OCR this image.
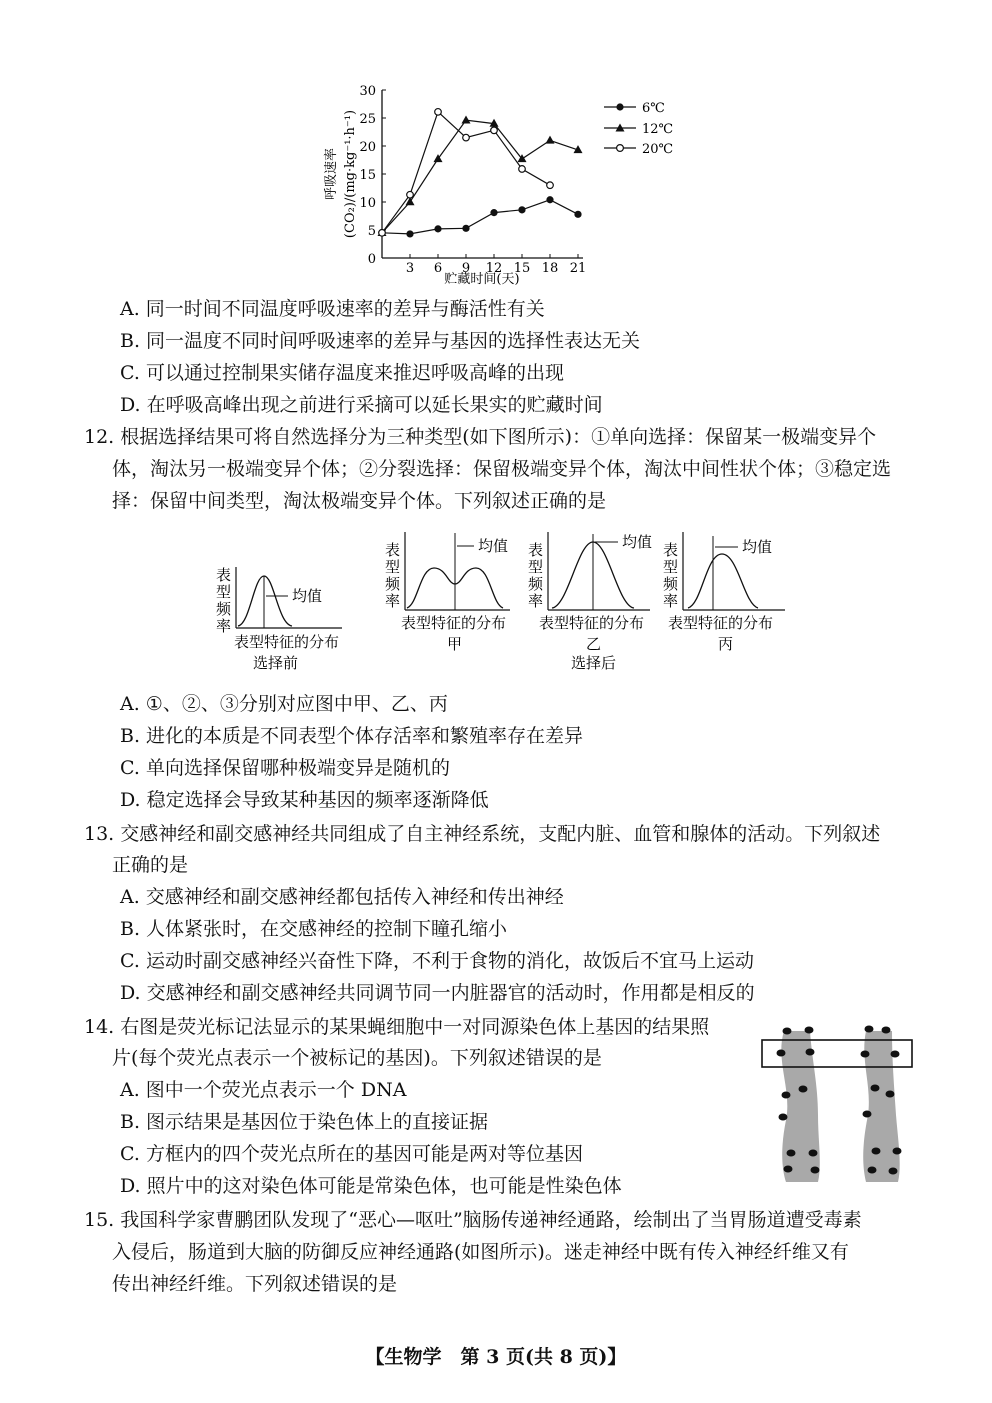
0
5
10
15
20
25
30
3 6 9 12 15 18 21
呼吸速率 (CO₂)/(mg·kg⁻¹·h⁻¹)
贮藏时间(天)
6℃
12℃
20℃
A. 同一时间不同温度呼吸速率的差异与酶活性有关
B. 同一温度不同时间呼吸速率的差异与基因的选择性表达无关
C. 可以通过控制果实储存温度来推迟呼吸高峰的出现
D. 在呼吸高峰出现之前进行采摘可以延长果实的贮藏时间
12. 根据选择结果可将自然选择分为三种类型(如下图所示)：①单向选择：保留某一极端变异个
体，淘汰另一极端变异个体；②分裂选择：保留极端变异个体，淘汰中间性状个体；③稳定选
择：保留中间类型，淘汰极端变异个体。下列叙述正确的是
均值
表
型
频
率
表型特征的分布
选择前
均值
表
型
频
率
表型特征的分布
甲
均值
表
型
频
率
表型特征的分布
乙
选择后
均值
表
型
频
率
表型特征的分布
丙
A. ①、②、③分别对应图中甲、乙、丙
B. 进化的本质是不同表型个体存活率和繁殖率存在差异
C. 单向选择保留哪种极端变异是随机的
D. 稳定选择会导致某种基因的频率逐渐降低
13. 交感神经和副交感神经共同组成了自主神经系统，支配内脏、血管和腺体的活动。下列叙述
正确的是
A. 交感神经和副交感神经都包括传入神经和传出神经
B. 人体紧张时，在交感神经的控制下瞳孔缩小
C. 运动时副交感神经兴奋性下降，不利于食物的消化，故饭后不宜马上运动
D. 交感神经和副交感神经共同调节同一内脏器官的活动时，作用都是相反的
14. 右图是荧光标记法显示的某果蝇细胞中一对同源染色体上基因的结果照
片(每个荧光点表示一个被标记的基因)。下列叙述错误的是
A. 图中一个荧光点表示一个 DNA
B. 图示结果是基因位于染色体上的直接证据
C. 方框内的四个荧光点所在的基因可能是两对等位基因
D. 照片中的这对染色体可能是常染色体，也可能是性染色体
15. 我国科学家曹鹏团队发现了“恶心—呕吐”脑肠传递神经通路，绘制出了当胃肠道遭受毒素
入侵后，肠道到大脑的防御反应神经通路(如图所示)。迷走神经中既有传入神经纤维又有
传出神经纤维。下列叙述错误的是
【生物学　第 3 页(共 8 页)】
